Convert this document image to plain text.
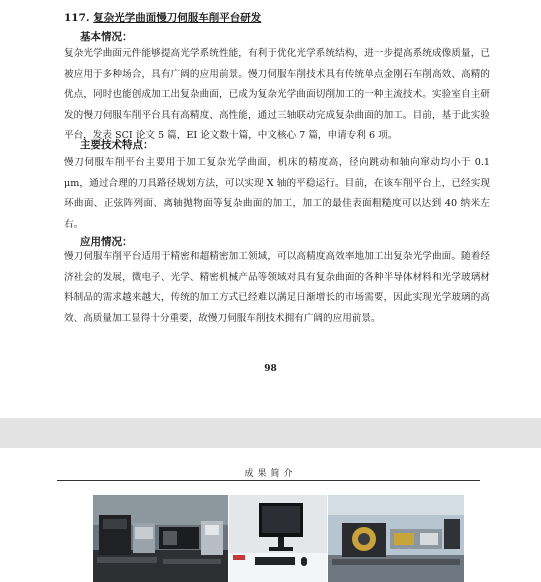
117. 复杂光学曲面慢刀伺服车削平台研发
基本情况：
复杂光学曲面元件能够提高光学系统性能，有利于优化光学系统结构，进一步提高系统成像质量，已被应用于多种场合，具有广阔的应用前景。慢刀伺服车削技术具有传统单点金刚石车削高效、高精的优点，同时也能创成加工出复杂曲面，已成为复杂光学曲面切削加工的一种主流技术。实验室自主研发的慢刀伺服车削平台具有高精度、高性能，通过三轴联动完成复杂曲面的加工。目前，基于此实验平台，发表 SCI 论文 5 篇，EI 论文数十篇，中文核心 7 篇，申请专利 6 项。
主要技术特点：
慢刀伺服车削平台主要用于加工复杂光学曲面，机床的精度高，径向跳动和轴向窜动均小于 0.1 μm，通过合理的刀具路径规划方法，可以实现 X 轴的平稳运行。目前，在该车削平台上，已经实现环曲面、正弦阵列面、离轴抛物面等复杂曲面的加工，加工的最佳表面粗糙度可以达到 40 纳米左右。
应用情况：
慢刀伺服车削平台适用于精密和超精密加工领域，可以高精度高效率地加工出复杂光学曲面。随着经济社会的发展，微电子、光学、精密机械产品等领域对具有复杂曲面的各种半导体材料和光学玻璃材料制品的需求越来越大，传统的加工方式已经难以满足日渐增长的市场需要，因此实现光学玻璃的高效、高质量加工显得十分重要，故慢刀伺服车削技术拥有广阔的应用前景。
98
成果简介
